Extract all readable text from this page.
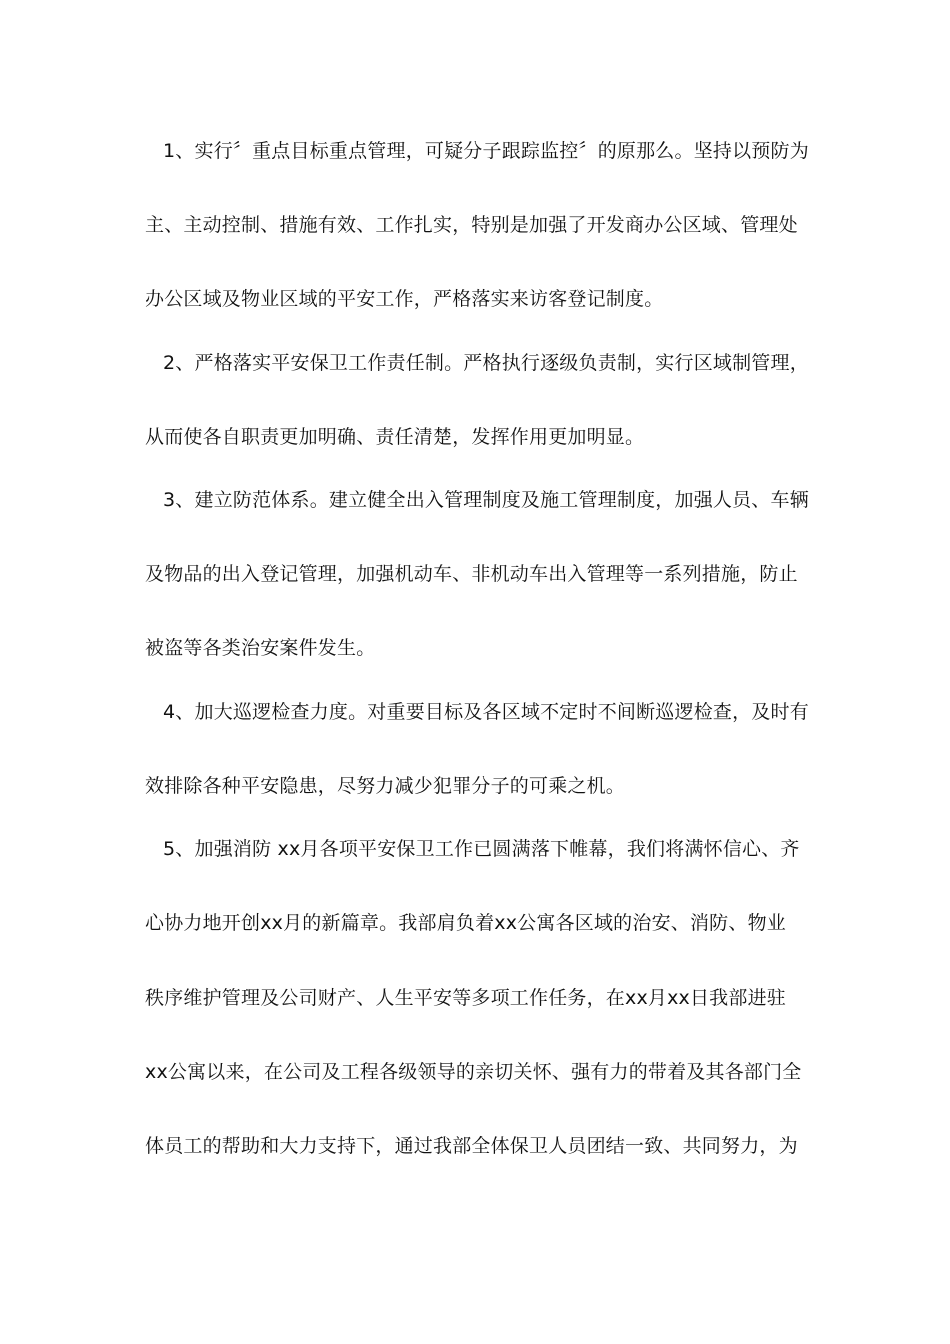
1、实行〞重点目标重点管理，可疑分子跟踪监控〞的原那么。坚持以预防为
主、主动控制、措施有效、工作扎实，特别是加强了开发商办公区域、管理处
办公区域及物业区域的平安工作，严格落实来访客登记制度。
2、严格落实平安保卫工作责任制。严格执行逐级负责制，实行区域制管理，
从而使各自职责更加明确、责任清楚，发挥作用更加明显。
3、建立防范体系。建立健全出入管理制度及施工管理制度，加强人员、车辆
及物品的出入登记管理，加强机动车、非机动车出入管理等一系列措施，防止
被盗等各类治安案件发生。
4、加大巡逻检查力度。对重要目标及各区域不定时不间断巡逻检查，及时有
效排除各种平安隐患，尽努力减少犯罪分子的可乘之机。
5、加强消防 xx月各项平安保卫工作已圆满落下帷幕，我们将满怀信心、齐
心协力地开创xx月的新篇章。我部肩负着xx公寓各区域的治安、消防、物业
秩序维护管理及公司财产、人生平安等多项工作任务，在xx月xx日我部进驻
xx公寓以来，在公司及工程各级领导的亲切关怀、强有力的带着及其各部门全
体员工的帮助和大力支持下，通过我部全体保卫人员团结一致、共同努力，为
